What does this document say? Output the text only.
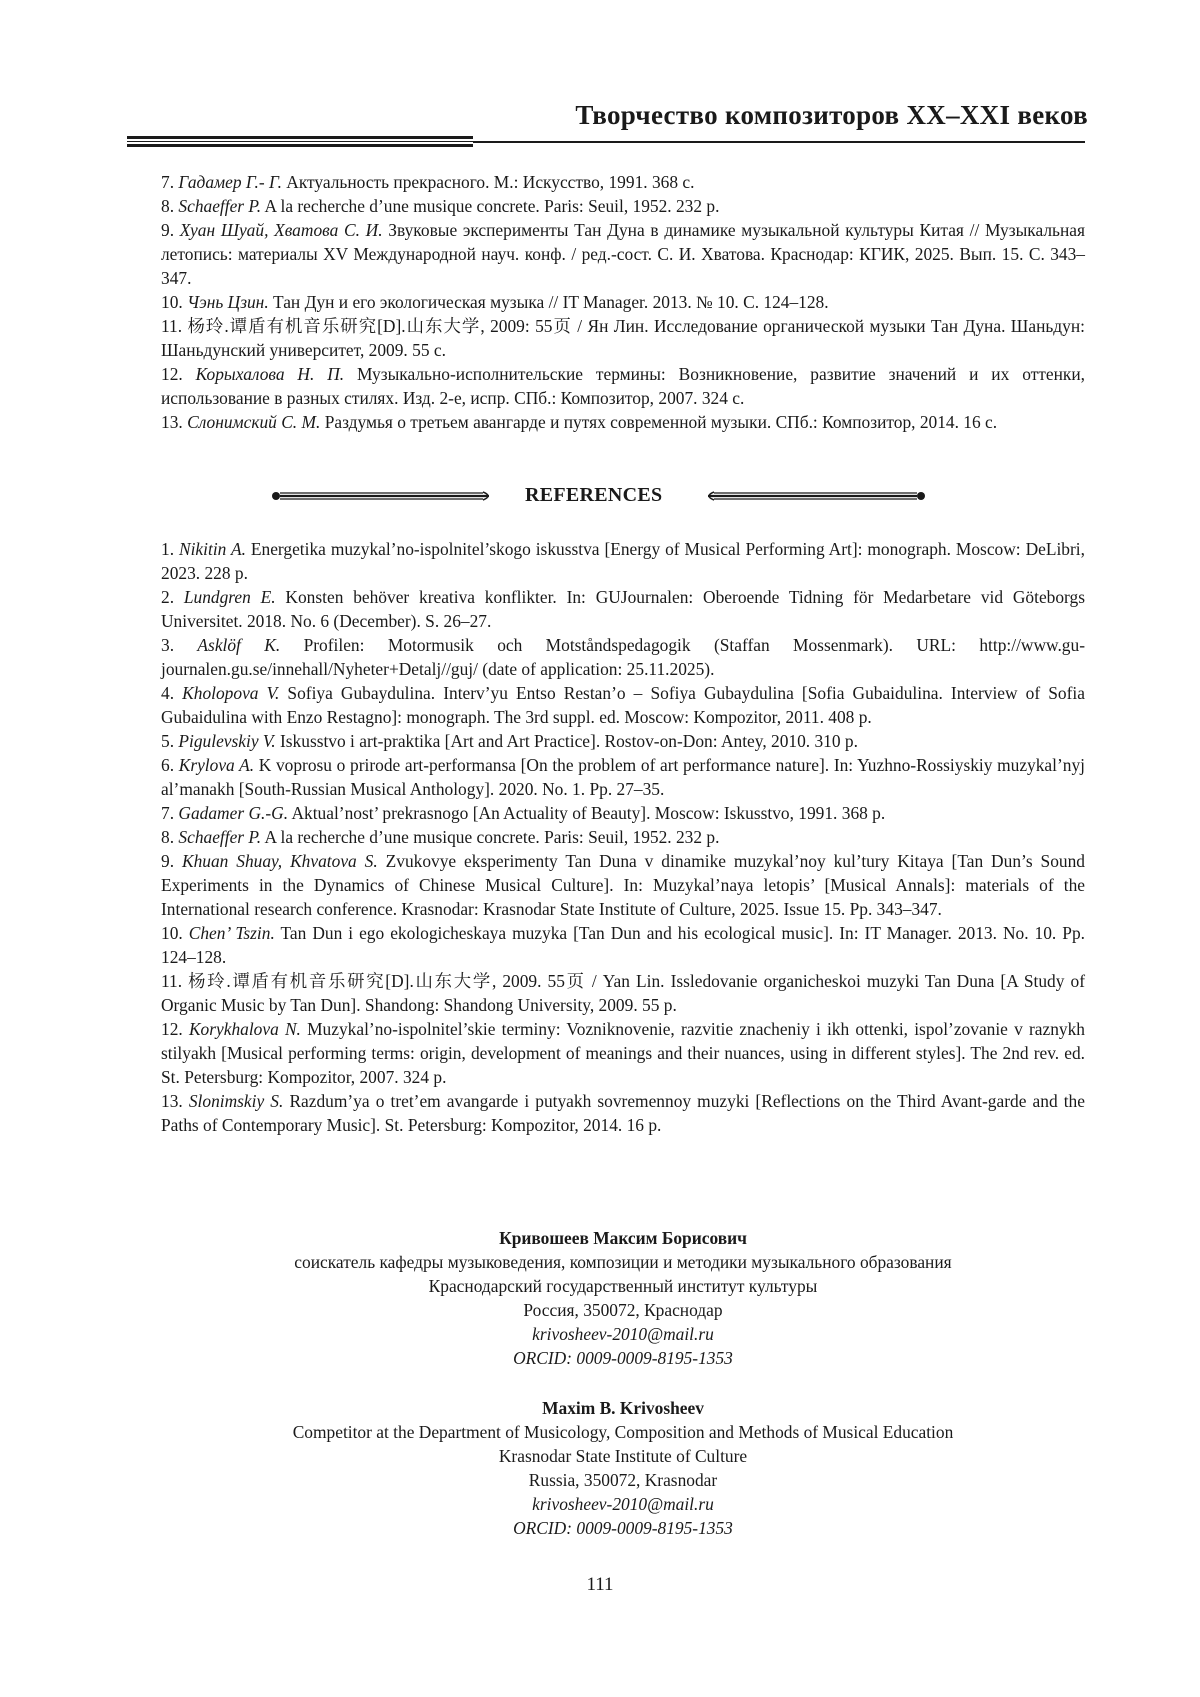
Творчество композиторов XX–XXI веков

7. Гадамер Г.- Г. Актуальность прекрасного. М.: Искусство, 1991. 368 с.

8. Schaeffer P. A la recherche d’une musique concrete. Paris: Seuil, 1952. 232 р.

9. Хуан Шуай, Хватова С. И. Звуковые эксперименты Тан Дуна в динамике музыкальной культуры Китая // Музыкальная летопись: материалы XV Международной науч. конф. / ред.-сост. С. И. Хватова. Краснодар: КГИК, 2025. Вып. 15. С. 343–347.

10. Чэнь Цзин. Тан Дун и его экологическая музыка // IT Manager. 2013. № 10. С. 124–128.

11. 杨玲.谭盾有机音乐研究[D].山东大学, 2009: 55页 / Ян Лин. Исследование органической музыки Тан Дуна. Шаньдун: Шаньдунский университет, 2009. 55 с.

12. Корыхалова Н. П. Музыкально-исполнительские термины: Возникновение, развитие значений и их оттенки, использование в разных стилях. Изд. 2-е, испр. СПб.: Композитор, 2007. 324 с.

13. Слонимский С. М. Раздумья о третьем авангарде и путях современной музыки. СПб.: Композитор, 2014. 16 с.

REFERENCES

1. Nikitin A. Energetika muzykal’no-ispolnitel’skogo iskusstva [Energy of Musical Performing Art]: monograph. Moscow: DeLibri, 2023. 228 p.

2. Lundgren E. Konsten behöver kreativa konflikter. In: GUJournalen: Oberoende Tidning för Medarbetare vid Göteborgs Universitet. 2018. No. 6 (December). S. 26–27.

3. Asklöf K. Profilen: Motormusik och Motståndspedagogik (Staffan Mossenmark). URL: http://www.gu-journalen.gu.se/innehall/Nyheter+Detalj//guj/ (date of application: 25.11.2025).

4. Kholopova V. Sofiya Gubaydulina. Interv’yu Entso Restan’o – Sofiya Gubaydulina [Sofia Gubaidulina. Interview of Sofia Gubaidulina with Enzo Restagno]: monograph. The 3rd suppl. ed. Moscow: Kompozitor, 2011. 408 p.

5. Pigulevskiy V. Iskusstvo i art-praktika [Art and Art Practice]. Rostov-on-Don: Antey, 2010. 310 p.

6. Krylova A. K voprosu o prirode art-performansa [On the problem of art performance nature]. In: Yuzhno-Rossiyskiy muzykal’nyj al’manakh [South-Russian Musical Anthology]. 2020. No. 1. Pp. 27–35.

7. Gadamer G.-G. Aktual’nost’ prekrasnogo [An Actuality of Beauty]. Moscow: Iskusstvo, 1991. 368 p.

8. Schaeffer P. A la recherche d’une musique concrete. Paris: Seuil, 1952. 232 p.

9. Khuan Shuay, Khvatova S. Zvukovye eksperimenty Tan Duna v dinamike muzykal’noy kul’tury Kitaya [Tan Dun’s Sound Experiments in the Dynamics of Chinese Musical Culture]. In: Muzykal’naya letopis’ [Musical Annals]: materials of the International research conference. Krasnodar: Krasnodar State Institute of Culture, 2025. Issue 15. Pp. 343–347.

10. Chen’ Tszin. Tan Dun i ego ekologicheskaya muzyka [Tan Dun and his ecological music]. In: IT Manager. 2013. No. 10. Pp. 124–128.

11. 杨玲.谭盾有机音乐研究[D].山东大学, 2009. 55页 / Yan Lin. Issledovanie organicheskoi muzyki Tan Duna [A Study of Organic Music by Tan Dun]. Shandong: Shandong University, 2009. 55 p.

12. Korykhalova N. Muzykal’no-ispolnitel’skie terminy: Vozniknovenie, razvitie znacheniy i ikh ottenki, ispol’zovanie v raznykh stilyakh [Musical performing terms: origin, development of meanings and their nuances, using in different styles]. The 2nd rev. ed. St. Petersburg: Kompozitor, 2007. 324 p.

13. Slonimskiy S. Razdum’ya o tret’em avangarde i putyakh sovremennoy muzyki [Reflections on the Third Avant-garde and the Paths of Contemporary Music]. St. Petersburg: Kompozitor, 2014. 16 p.

Кривошеев Максим Борисович
соискатель кафедры музыковедения, композиции и методики музыкального образования
Краснодарский государственный институт культуры
Россия, 350072, Краснодар
krivosheev-2010@mail.ru
ORCID: 0009-0009-8195-1353
Maxim B. Krivosheev
Competitor at the Department of Musicology, Composition and Methods of Musical Education
Krasnodar State Institute of Culture
Russia, 350072, Krasnodar
krivosheev-2010@mail.ru
ORCID: 0009-0009-8195-1353
111
